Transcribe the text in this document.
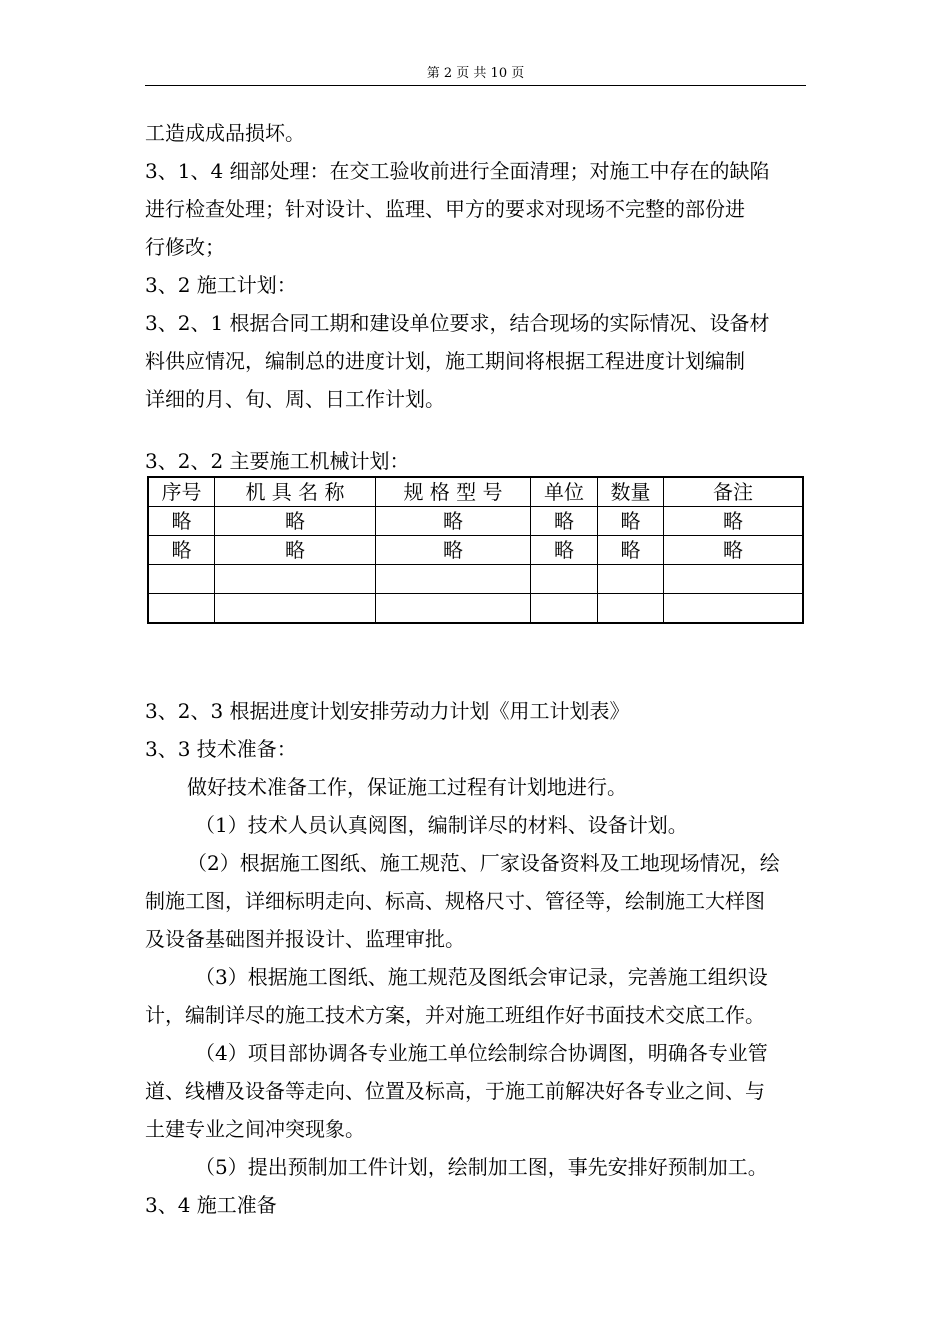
第 2 页 共 10 页

工造成成品损坏。

3、1、4 细部处理：在交工验收前进行全面清理；对施工中存在的缺陷

进行检查处理；针对设计、监理、甲方的要求对现场不完整的部份进

行修改；

3、2 施工计划：

3、2、1 根据合同工期和建设单位要求，结合现场的实际情况、设备材

料供应情况，编制总的进度计划，施工期间将根据工程进度计划编制

详细的月、旬、周、日工作计划。

3、2、2 主要施工机械计划：

序号	机 具 名 称	规 格 型 号	单位	数量	备注
略	略	略	略	略	略
略	略	略	略	略	略

3、2、3 根据进度计划安排劳动力计划《用工计划表》

3、3 技术准备：

做好技术准备工作，保证施工过程有计划地进行。

（1）技术人员认真阅图，编制详尽的材料、设备计划。

（2）根据施工图纸、施工规范、厂家设备资料及工地现场情况，绘

制施工图，详细标明走向、标高、规格尺寸、管径等，绘制施工大样图

及设备基础图并报设计、监理审批。

（3）根据施工图纸、施工规范及图纸会审记录，完善施工组织设

计，编制详尽的施工技术方案，并对施工班组作好书面技术交底工作。

（4）项目部协调各专业施工单位绘制综合协调图，明确各专业管

道、线槽及设备等走向、位置及标高，于施工前解决好各专业之间、与

土建专业之间冲突现象。

（5）提出预制加工件计划，绘制加工图，事先安排好预制加工。

3、4 施工准备
